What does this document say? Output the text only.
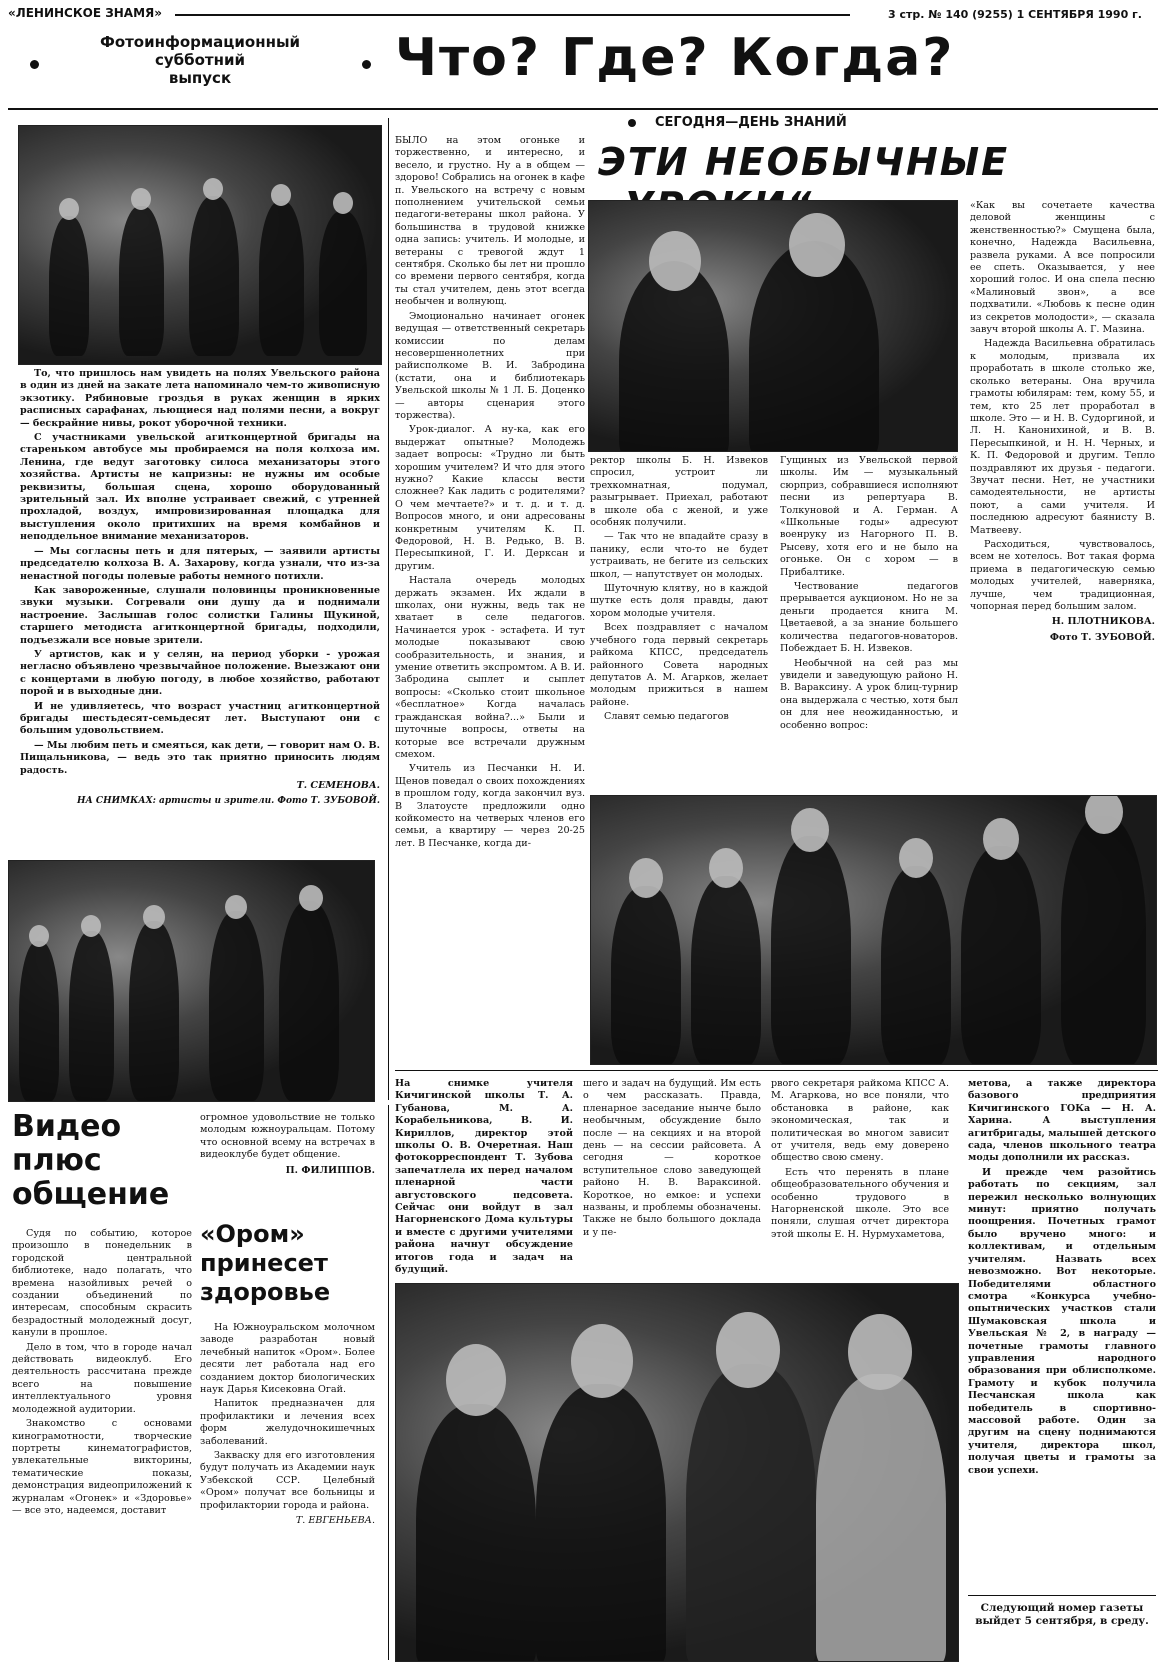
«ЛЕНИНСКОЕ ЗНАМЯ»	3 стр. № 140 (9255) 1 СЕНТЯБРЯ 1990 г.
Фотоинформационный
субботний
выпуск	Что? Где? Когда?

То, что пришлось нам увидеть на полях Увельского района в один из дней на закате лета напоминало чем-то живописную экзотику. Рябиновые гроздья в руках женщин в ярких расписных сарафанах, льющиеся над полями песни, а вокруг — бескрайние нивы, рокот уборочной техники.

С участниками увельской агитконцертной бригады на стареньком автобусе мы пробираемся на поля колхоза им. Ленина, где ведут заготовку силоса механизаторы этого хозяйства. Артисты не капризны: не нужны им особые реквизиты, большая сцена, хорошо оборудованный зрительный зал. Их вполне устраивает свежий, с утренней прохладой, воздух, импровизированная площадка для выступления около притихших на время комбайнов и неподдельное внимание механизаторов.

— Мы согласны петь и для пятерых, — заявили артисты председателю колхоза В. А. Захарову, когда узнали, что из-за ненастной погоды полевые работы немного потихли.

Как завороженные, слушали половинцы проникновенные звуки музыки. Согревали они душу да и поднимали настроение. Заслышав голос солистки Галины Щукиной, старшего методиста агитконцертной бригады, подходили, подъезжали все новые зрители.

У артистов, как и у селян, на период уборки - урожая негласно объявлено чрезвычайное положение. Выезжают они с концертами в любую погоду, в любое хозяйство, работают порой и в выходные дни.

И не удивляетесь, что возраст участниц агитконцертной бригады шестьдесят-семьдесят лет. Выступают они с большим удовольствием.

— Мы любим петь и смеяться, как дети, — говорит нам О. В. Пищальникова, — ведь это так приятно приносить людям радость.

Т. СЕМЕНОВА.
НА СНИМКАХ: артисты и зрители. Фото Т. ЗУБОВОЙ.

БЫЛО на этом огоньке и торжественно, и интересно, и весело, и грустно. Ну а в общем — здорово! Собрались на огонек в кафе п. Увельского на встречу с новым пополнением учительской семьи педагоги-ветераны школ района. У большинства в трудовой книжке одна запись: учитель. И молодые, и ветераны с тревогой ждут 1 сентября. Сколько бы лет ни прошло со времени первого сентября, когда ты стал учителем, день этот всегда необычен и волнующ.

Эмоционально начинает огонек ведущая — ответственный секретарь комиссии по делам несовершеннолетних при райисполкоме В. И. Забродина (кстати, она и библиотекарь Увельской школы № 1 Л. Б. Доценко — авторы сценария этого торжества).

Урок-диалог. А ну-ка, как его выдержат опытные? Молодежь задает вопросы: «Трудно ли быть хорошим учителем? И что для этого нужно? Какие классы вести сложнее? Как ладить с родителями? О чем мечтаете?» и т. д. и т. д. Вопросов много, и они адресованы конкретным учителям К. П. Федоровой, Н. В. Редько, В. В. Пересыпкиной, Г. И. Дерксан и другим.

Настала очередь молодых держать экзамен. Их ждали в школах, они нужны, ведь так не хватает в селе педагогов. Начинается урок - эстафета. И тут молодые показывают свою сообразительность, и знания, и умение ответить экспромтом. А В. И. Забродина сыплет и сыплет вопросы: «Сколько стоит школьное «бесплатное» Когда началась гражданская война?...» Были и шуточные вопросы, ответы на которые все встречали дружным смехом.

Учитель из Песчанки Н. И. Щенов поведал о своих похождениях в прошлом году, когда закончил вуз. В Златоусте предложили одно койкоместо на четверых членов его семьи, а квартиру — через 20-25 лет. В Песчанке, когда ди-

СЕГОДНЯ—ДЕНЬ ЗНАНИЙ
ЭТИ НЕОБЫЧНЫЕ

ректор школы Б. Н. Извеков спросил, устроит ли трехкомнатная, подумал, разыгрывает. Приехал, работают в школе оба с женой, и уже особняк получили.

— Так что не впадайте сразу в панику, если что-то не будет устраивать, не бегите из сельских школ, — напутствует он молодых.

Шуточную клятву, но в каждой шутке есть доля правды, дают хором молодые учителя.

Всех поздравляет с началом учебного года первый секретарь райкома КПСС, председатель районного Совета народных депутатов А. М. Агарков, желает молодым прижиться в нашем районе.

Славят семью педагогов

Гущиных из Увельской первой школы. Им — музыкальный сюрприз, собравшиеся исполняют песни из репертуара В. Толкуновой и А. Герман. А «Школьные годы» адресуют военруку из Нагорного П. В. Рысеву, хотя его и не было на огоньке. Он с хором — в Прибалтике.

Чествование педагогов прерывается аукционом. Но не за деньги продается книга М. Цветаевой, а за знание большего количества педагогов-новаторов. Побеждает Б. Н. Извеков.

Необычной на сей раз мы увидели и заведующую районо Н. В. Вараксину. А урок блиц-турнир она выдержала с честью, хотя был он для нее неожиданностью, и особенно вопрос:

«Как вы сочетаете качества деловой женщины с женственностью?» Смущена была, конечно, Надежда Васильевна, развела руками. А все попросили ее спеть. Оказывается, у нее хороший голос. И она спела песню «Малиновый звон», а все подхватили. «Любовь к песне один из секретов молодости», — сказала завуч второй школы А. Г. Мазина.

Надежда Васильевна обратилась к молодым, призвала их проработать в школе столько же, сколько ветераны. Она вручила грамоты юбилярам: тем, кому 55, и тем, кто 25 лет проработал в школе. Это — и Н. В. Судоргиной, и Л. Н. Канонихиной, и В. В. Пересыпкиной, и Н. Н. Черных, и К. П. Федоровой и другим. Тепло поздравляют их друзья - педагоги. Звучат песни. Нет, не участники самодеятельности, не артисты поют, а сами учителя. И последнюю адресуют баянисту В. Матвееву.

Расходиться, чувствовалось, всем не хотелось. Вот такая форма приема в педагогическую семью молодых учителей, наверняка, лучше, чем традиционная, чопорная перед большим залом.

Н. ПЛОТНИКОВА.
Фото Т. ЗУБОВОЙ.
Видео плюс общение

Судя по событию, которое произошло в понедельник в городской центральной библиотеке, надо полагать, что времена назойливых речей о создании объединений по интересам, способным скрасить безрадостный молодежный досуг, канули в прошлое.

Дело в том, что в городе начал действовать видеоклуб. Его деятельность рассчитана прежде всего на повышение интеллектуального уровня молодежной аудитории.

Знакомство с основами кинограмотности, творческие портреты кинематографистов, увлекательные викторины, тематические показы, демонстрация видеоприложений к журналам «Огонек» и «Здоровье» — все это, надеемся, доставит

огромное удовольствие не только молодым южноуральцам. Потому что основной всему на встречах в видеоклубе будет общение.

П. ФИЛИППОВ.
«Ором» принесет здоровье

На Южноуральском молочном заводе разработан новый лечебный напиток «Ором». Более десяти лет работала над его созданием доктор биологических наук Дарья Кисековна Огай.

Напиток предназначен для профилактики и лечения всех форм желудочнокишечных заболеваний.

Закваску для его изготовления будут получать из Академии наук Узбекской ССР. Целебный «Ором» получат все больницы и профилактории города и района.

Т. ЕВГЕНЬЕВА.

На снимке учителя Кичигинской школы Т. А. Губанова, М. А. Корабельникова, В. И. Кириллов, директор этой школы О. В. Очеретная. Наш фотокорреспондент Т. Зубова запечатлела их перед началом пленарной части августовского педсовета. Сейчас они войдут в зал Нагорненского Дома культуры и вместе с другими учителями района начнут обсуждение итогов года и задач на будущий.

шего и задач на будущий. Им есть о чем рассказать. Правда, пленарное заседание нынче было необычным, обсуждение было после — на секциях и на второй день — на сессии райсовета. А сегодня — короткое вступительное слово заведующей районо Н. В. Вараксиной. Короткое, но емкое: и успехи названы, и проблемы обозначены. Также не было большого доклада и у пе-

рвого секретаря райкома КПСС А. М. Агаркова, но все поняли, что обстановка в районе, как экономическая, так и политическая во многом зависит от учителя, ведь ему доверено общество свою смену.

Есть что перенять в плане общеобразовательного обучения и особенно трудового в Нагорненской школе. Это все поняли, слушая отчет директора этой школы Е. Н. Нурмухаметова,

метова, а также директора базового предприятия Кичигинского ГОКа — Н. А. Харина. А выступления агитбригады, малышей детского сада, членов школьного театра моды дополнили их рассказ.

И прежде чем разойтись работать по секциям, зал пережил несколько волнующих минут: приятно получать поощрения. Почетных грамот было вручено много: и коллективам, и отдельным учителям. Назвать всех невозможно. Вот некоторые. Победителями областного смотра «Конкурса учебно-опытнических участков стали Шумаковская школа и Увельская № 2, в награду — почетные грамоты главного управления народного образования при облисполкоме. Грамоту и кубок получила Песчанская школа как победитель в спортивно-массовой работе. Один за другим на сцену поднимаются учителя, директора школ, получая цветы и грамоты за свои успехи.

Следующий номер газеты выйдет 5 сентября, в среду.
